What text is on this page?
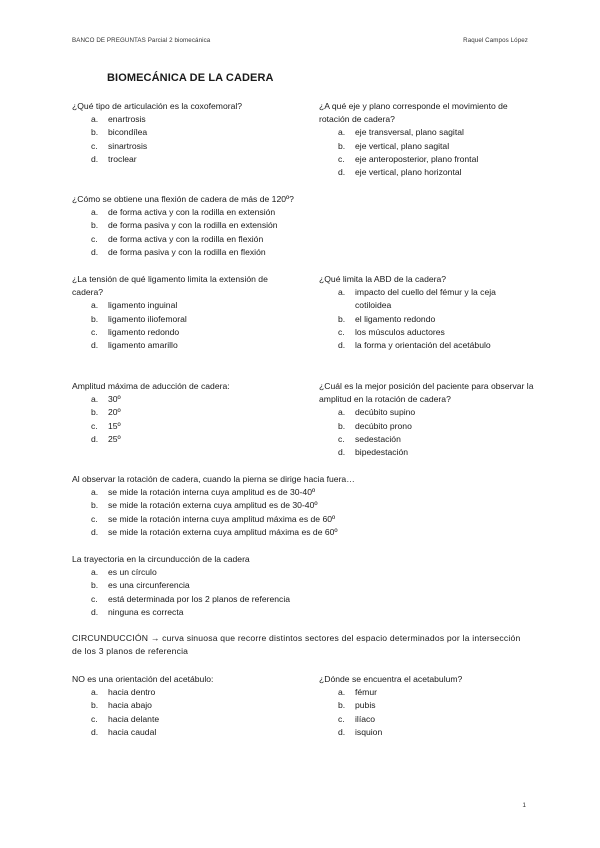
BANCO DE PREGUNTAS Parcial 2 biomecánica	Raquel Campos López
BIOMECÁNICA DE LA CADERA
¿Qué tipo de articulación es la coxofemoral?
a.	enartrosis
b.	bicondílea
c.	sinartrosis
d.	troclear
¿A qué eje y plano corresponde el movimiento de rotación de cadera?
a.	eje transversal, plano sagital
b.	eje vertical, plano sagital
c.	eje anteroposterior, plano frontal
d.	eje vertical, plano horizontal
¿Cómo se obtiene una flexión de cadera de más de 120º?
a.	de forma activa y con la rodilla en extensión
b.	de forma pasiva y con la rodilla en extensión
c.	de forma activa y con la rodilla en flexión
d.	de forma pasiva y con la rodilla en flexión
¿La tensión de qué ligamento limita la extensión de cadera?
a.	ligamento inguinal
b.	ligamento iliofemoral
c.	ligamento redondo
d.	ligamento amarillo
¿Qué limita la ABD de la cadera?
a.	impacto del cuello del fémur y la ceja cotiloidea
b.	el ligamento redondo
c.	los músculos aductores
d.	la forma y orientación del acetábulo
Amplitud máxima de aducción de cadera:
a.	30º
b.	20º
c.	15º
d.	25º
¿Cuál es la mejor posición del paciente para observar la amplitud en la rotación de cadera?
a.	decúbito supino
b.	decúbito prono
c.	sedestación
d.	bipedestación
Al observar la rotación de cadera, cuando la pierna se dirige hacia fuera…
a.	se mide la rotación interna cuya amplitud es de 30-40º
b.	se mide la rotación externa cuya amplitud es de 30-40º
c.	se mide la rotación interna cuya amplitud máxima es de 60º
d.	se mide la rotación externa cuya amplitud máxima es de 60º
La trayectoria en la circunducción de la cadera
a.	es un círculo
b.	es una circunferencia
c.	está determinada por los 2 planos de referencia
d.	ninguna es correcta
CIRCUNDUCCIÓN → curva sinuosa que recorre distintos sectores del espacio determinados por la intersección de los 3 planos de referencia
NO es una orientación del acetábulo:
a.	hacia dentro
b.	hacia abajo
c.	hacia delante
d.	hacia caudal
¿Dónde se encuentra el acetabulum?
a.	fémur
b.	pubis
c.	ilíaco
d.	isquion
1
